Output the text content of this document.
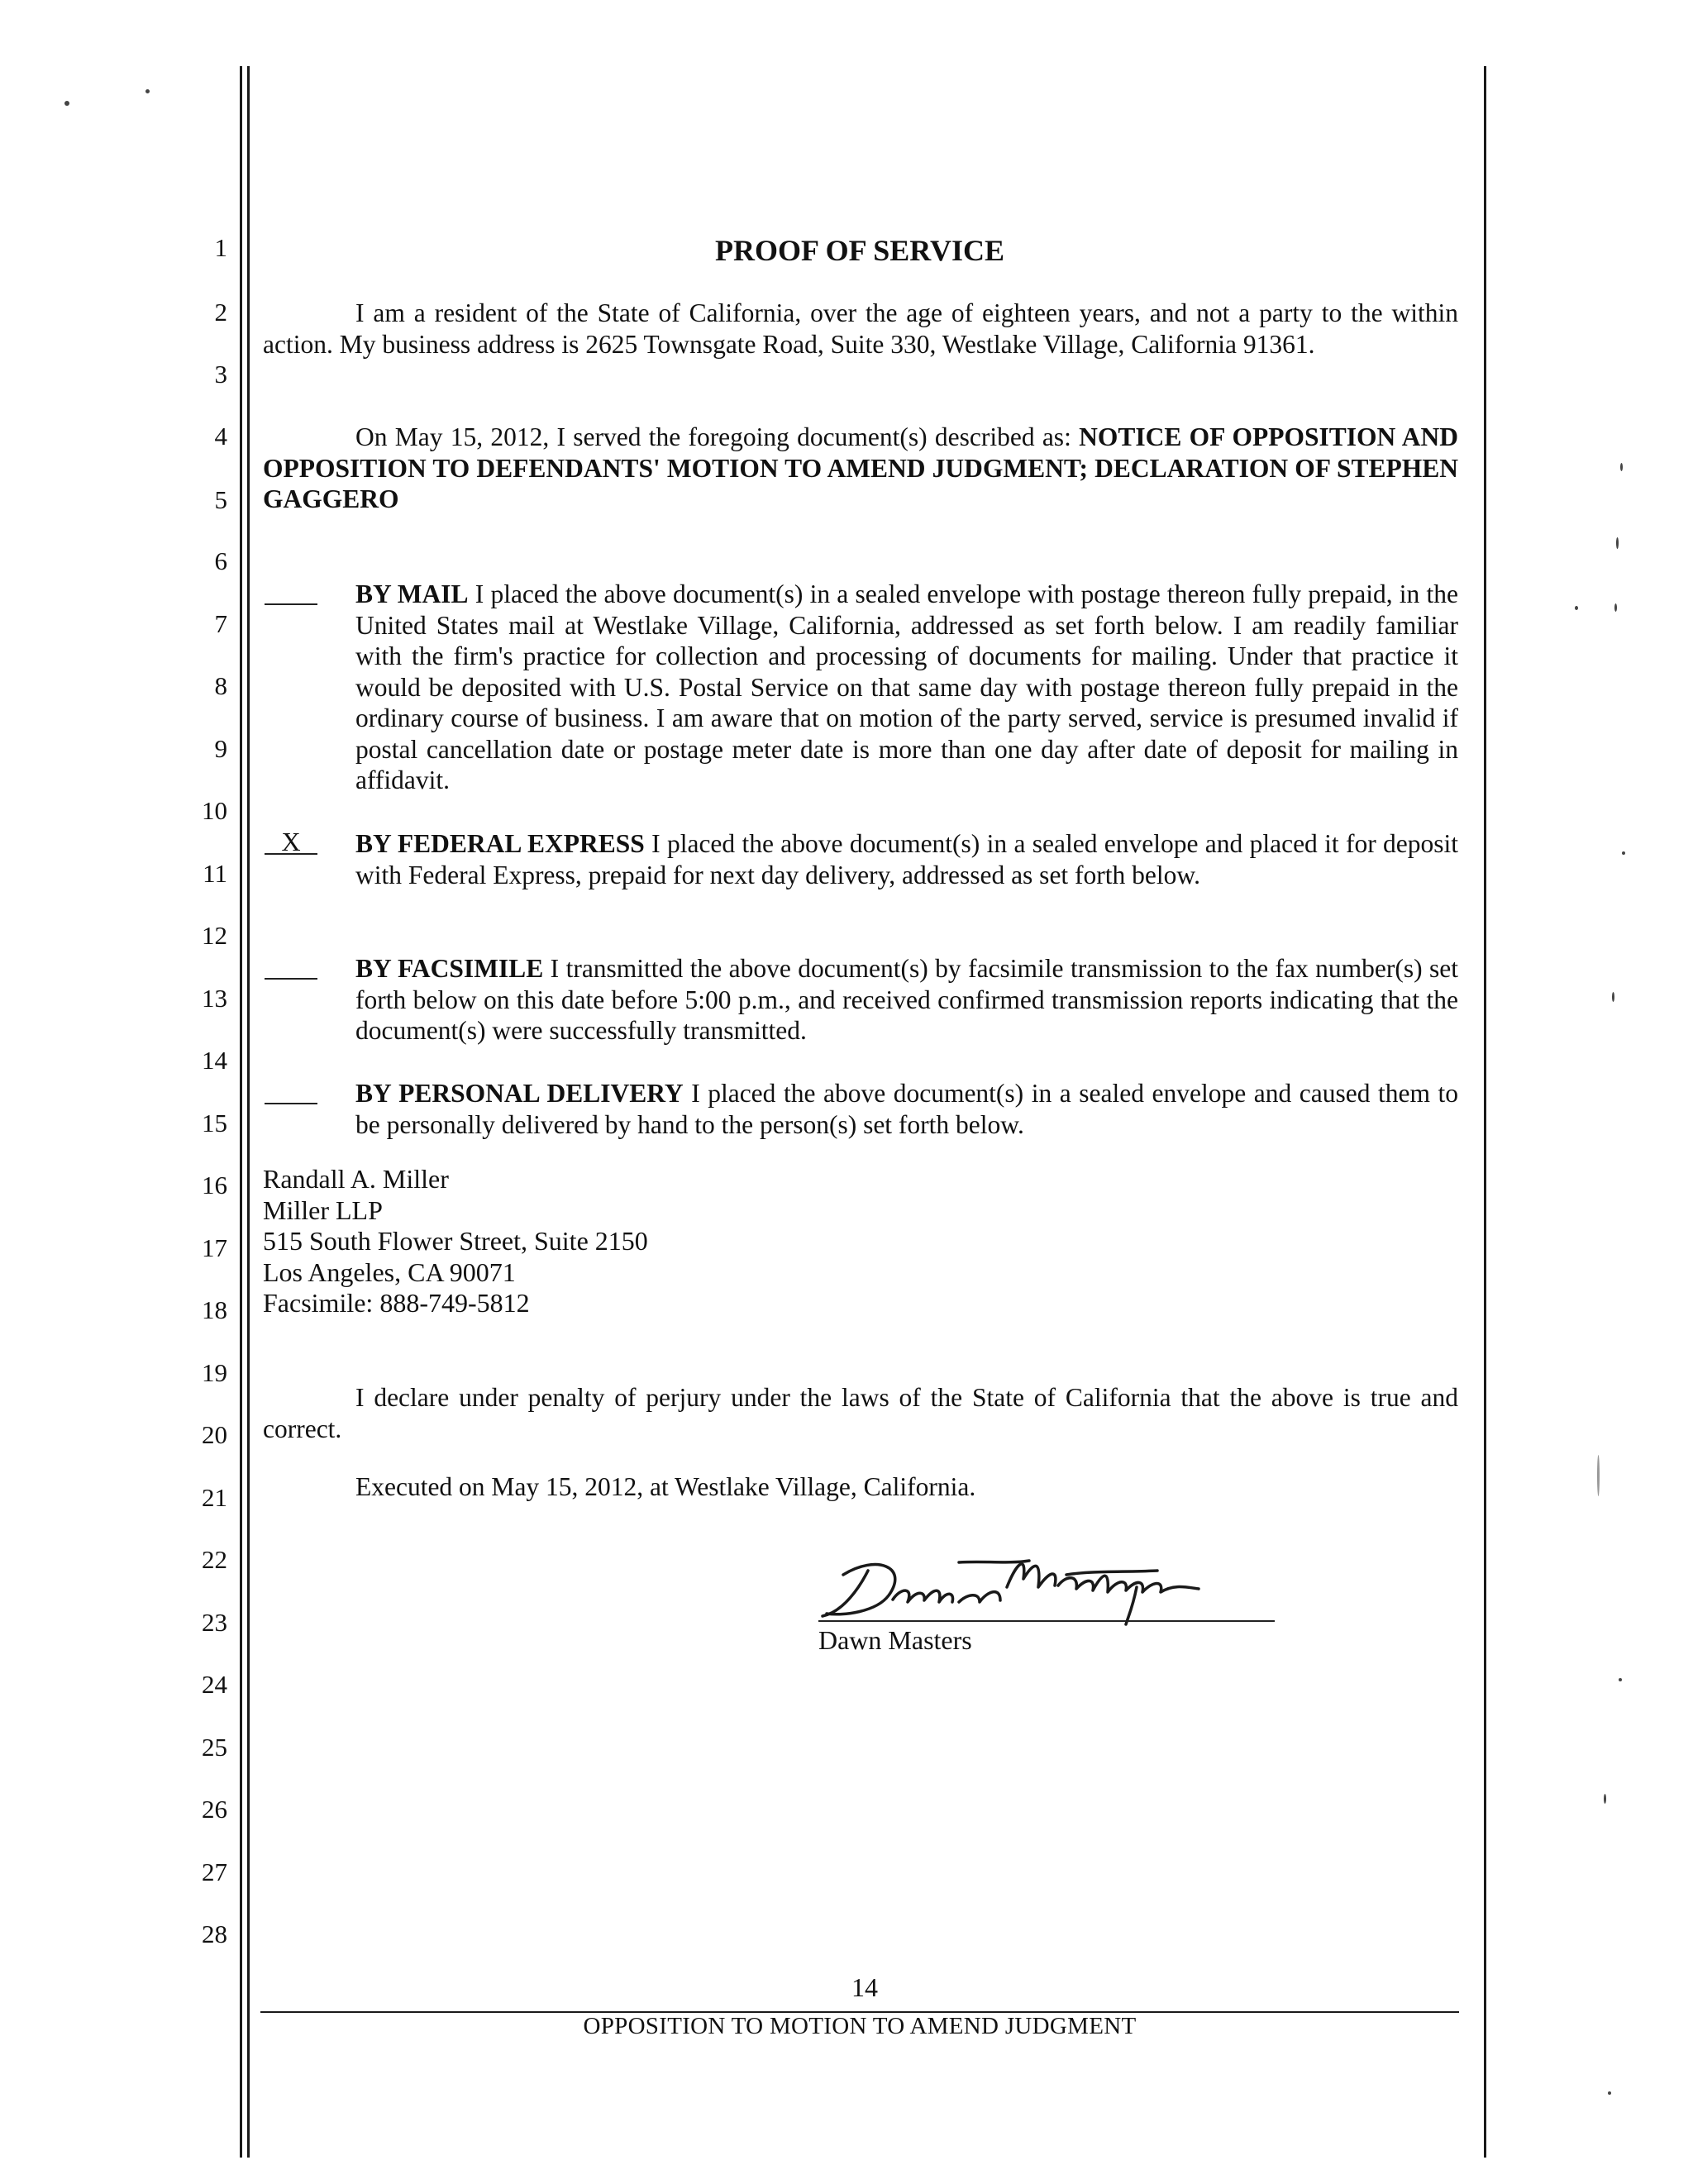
1
2
3
4
5
6
7
8
9
10
11
12
13
14
15
16
17
18
19
20
21
22
23
24
25
26
27
28
PROOF OF SERVICE
I am a resident of the State of California, over the age of eighteen years, and not a party to the within action. My business address is 2625 Townsgate Road, Suite 330, Westlake Village, California 91361.
On May 15, 2012, I served the foregoing document(s) described as: NOTICE OF OPPOSITION AND OPPOSITION TO DEFENDANTS' MOTION TO AMEND JUDGMENT; DECLARATION OF STEPHEN GAGGERO
BY MAIL I placed the above document(s) in a sealed envelope with postage thereon fully prepaid, in the United States mail at Westlake Village, California, addressed as set forth below. I am readily familiar with the firm's practice for collection and processing of documents for mailing. Under that practice it would be deposited with U.S. Postal Service on that same day with postage thereon fully prepaid in the ordinary course of business. I am aware that on motion of the party served, service is presumed invalid if postal cancellation date or postage meter date is more than one day after date of deposit for mailing in affidavit.
X	BY FEDERAL EXPRESS I placed the above document(s) in a sealed envelope and placed it for deposit with Federal Express, prepaid for next day delivery, addressed as set forth below.
BY FACSIMILE I transmitted the above document(s) by facsimile transmission to the fax number(s) set forth below on this date before 5:00 p.m., and received confirmed transmission reports indicating that the document(s) were successfully transmitted.
BY PERSONAL DELIVERY I placed the above document(s) in a sealed envelope and caused them to be personally delivered by hand to the person(s) set forth below.
Randall A. Miller
Miller LLP
515 South Flower Street, Suite 2150
Los Angeles, CA 90071
Facsimile: 888-749-5812
I declare under penalty of perjury under the laws of the State of California that the above is true and correct.
Executed on May 15, 2012, at Westlake Village, California.
Dawn Masters
14
OPPOSITION TO MOTION TO AMEND JUDGMENT
